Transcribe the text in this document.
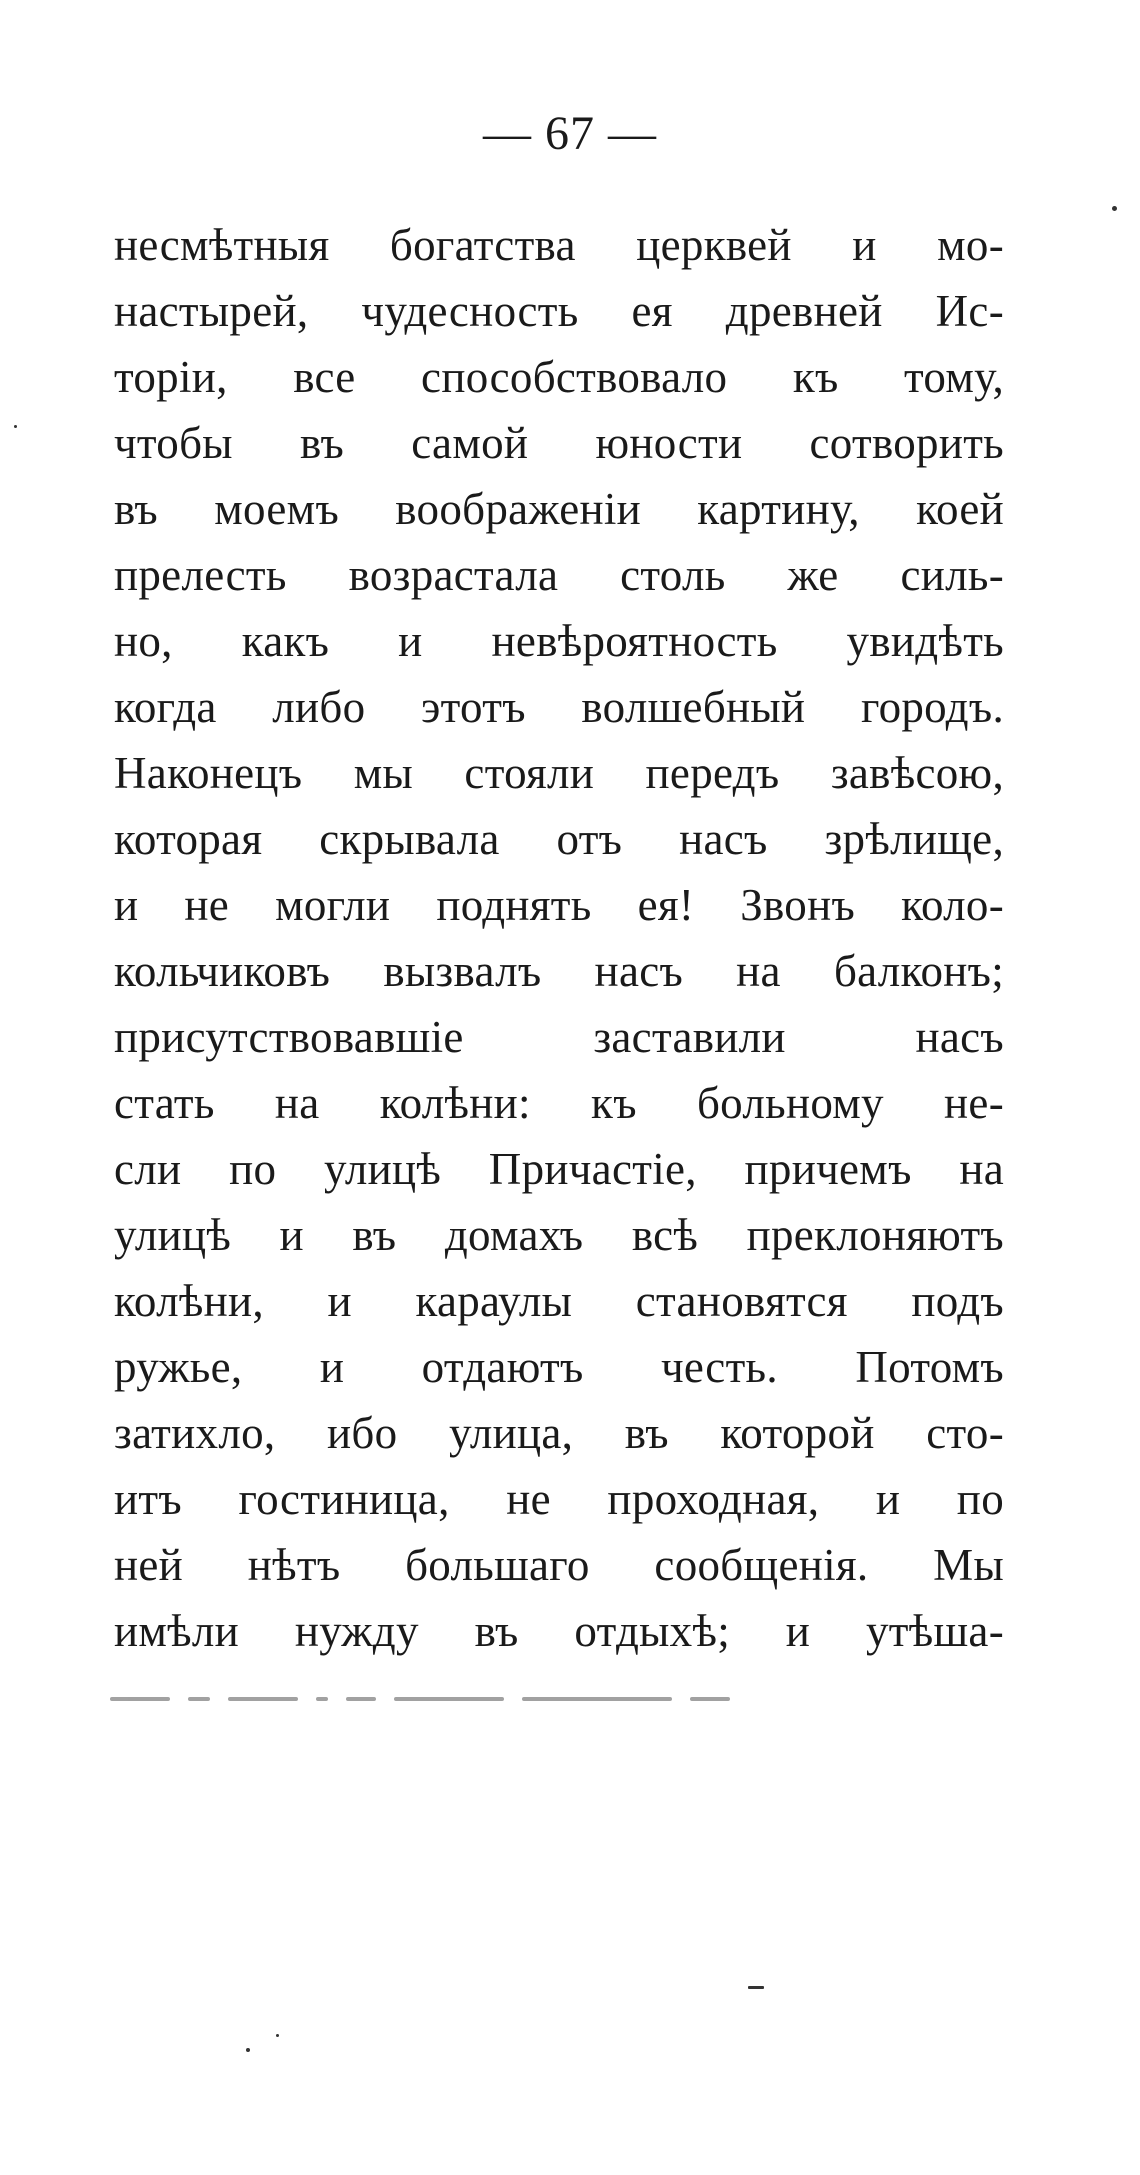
— 67 —
несмѣтныя богатства церквей и мо-
настырей, чудесность ея древней Ис-
торіи, все способствовало къ тому,
чтобы въ самой юности сотворить
въ моемъ воображеніи картину, коей
прелесть возрастала столь же силь-
но, какъ и невѣроятность увидѣть
когда либо этотъ волшебный городъ.
Наконецъ мы стояли передъ завѣсою,
которая скрывала отъ насъ зрѣлище,
и не могли поднять ея! Звонъ коло-
кольчиковъ вызвалъ насъ на балконъ;
присутствовавшіе заставили насъ
стать на колѣни: къ больному не-
сли по улицѣ Причастіе, причемъ на
улицѣ и въ домахъ всѣ преклоняютъ
колѣни, и караулы становятся подъ
ружье, и отдаютъ честь. Потомъ
затихло, ибо улица, въ которой сто-
итъ гостиница, не проходная, и по
ней нѣтъ большаго сообщенія. Мы
имѣли нужду въ отдыхѣ; и утѣша-
